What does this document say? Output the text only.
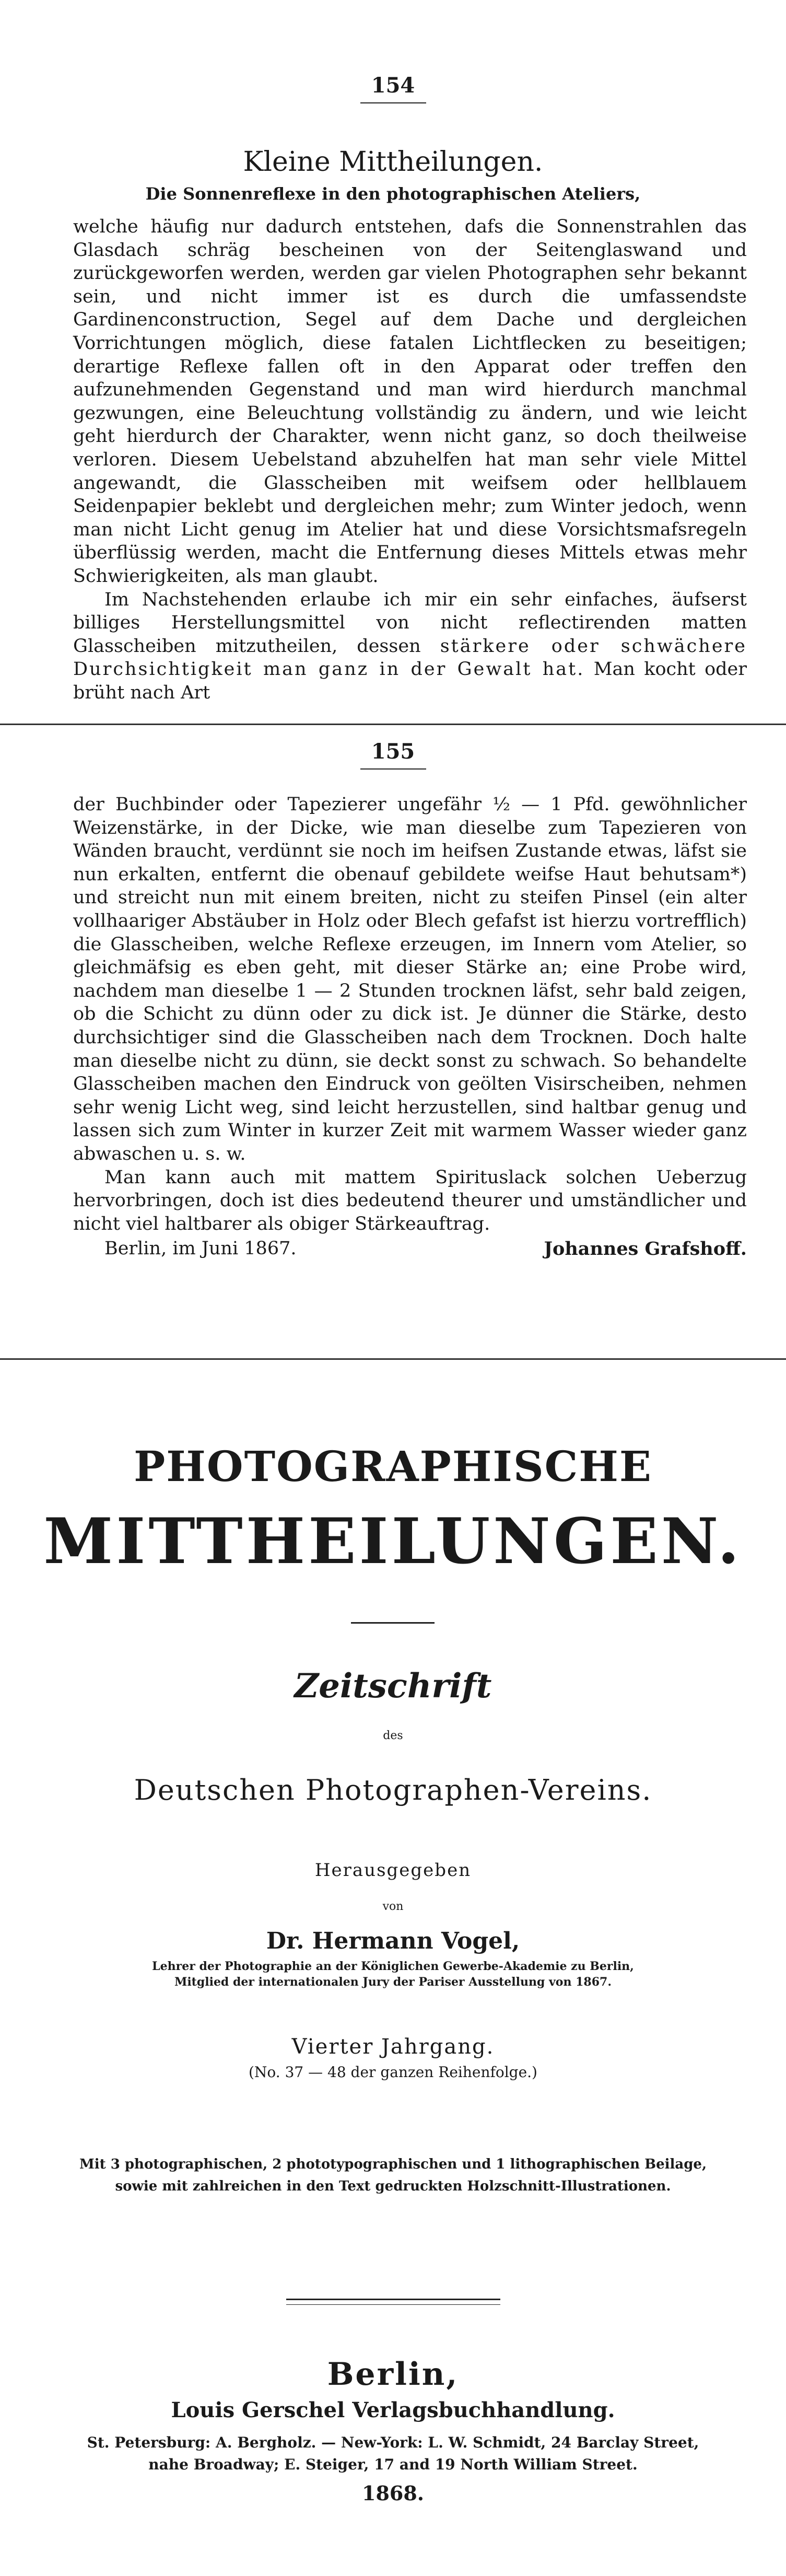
154
Kleine Mittheilungen.
Die Sonnenreflexe in den photographischen Ateliers,

welche häufig nur dadurch entstehen, dafs die Sonnenstrahlen das Glasdach schräg bescheinen von der Seitenglaswand und zurückgeworfen werden, werden gar vielen Photographen sehr bekannt sein, und nicht immer ist es durch die umfassendste Gardinenconstruction, Segel auf dem Dache und dergleichen Vorrichtungen möglich, diese fatalen Lichtflecken zu beseitigen; derartige Reflexe fallen oft in den Apparat oder treffen den aufzunehmenden Gegenstand und man wird hierdurch manchmal gezwungen, eine Beleuchtung vollständig zu ändern, und wie leicht geht hierdurch der Charakter, wenn nicht ganz, so doch theilweise verloren. Diesem Uebelstand abzuhelfen hat man sehr viele Mittel angewandt, die Glasscheiben mit weifsem oder hellblauem Seidenpapier beklebt und dergleichen mehr; zum Winter jedoch, wenn man nicht Licht genug im Atelier hat und diese Vorsichtsmafsregeln überflüssig werden, macht die Entfernung dieses Mittels etwas mehr Schwierigkeiten, als man glaubt.

Im Nachstehenden erlaube ich mir ein sehr einfaches, äufserst billiges Herstellungsmittel von nicht reflectirenden matten Glasscheiben mitzutheilen, dessen stärkere oder schwächere Durchsichtigkeit man ganz in der Gewalt hat. Man kocht oder brüht nach Art

155

der Buchbinder oder Tapezierer ungefähr ½ — 1 Pfd. gewöhnlicher Weizenstärke, in der Dicke, wie man dieselbe zum Tapezieren von Wänden braucht, verdünnt sie noch im heifsen Zustande etwas, läfst sie nun erkalten, entfernt die obenauf gebildete weifse Haut behutsam*) und streicht nun mit einem breiten, nicht zu steifen Pinsel (ein alter vollhaariger Abstäuber in Holz oder Blech gefafst ist hierzu vortrefflich) die Glasscheiben, welche Reflexe erzeugen, im Innern vom Atelier, so gleichmäfsig es eben geht, mit dieser Stärke an; eine Probe wird, nachdem man dieselbe 1 — 2 Stunden trocknen läfst, sehr bald zeigen, ob die Schicht zu dünn oder zu dick ist. Je dünner die Stärke, desto durchsichtiger sind die Glasscheiben nach dem Trocknen. Doch halte man dieselbe nicht zu dünn, sie deckt sonst zu schwach. So behandelte Glasscheiben machen den Eindruck von geölten Visirscheiben, nehmen sehr wenig Licht weg, sind leicht herzustellen, sind haltbar genug und lassen sich zum Winter in kurzer Zeit mit warmem Wasser wieder ganz abwaschen u. s. w.

Man kann auch mit mattem Spirituslack solchen Ueberzug hervorbringen, doch ist dies bedeutend theurer und umständlicher und nicht viel haltbarer als obiger Stärkeauftrag.

Berlin, im Juni 1867.	Johannes Grafshoff.
PHOTOGRAPHISCHE
MITTHEILUNGEN.
Zeitschrift
des
Deutschen Photographen-Vereins.
Herausgegeben
von
Dr. Hermann Vogel,
Lehrer der Photographie an der Königlichen Gewerbe-Akademie zu Berlin,
Mitglied der internationalen Jury der Pariser Ausstellung von 1867.
Vierter Jahrgang.
(No. 37 — 48 der ganzen Reihenfolge.)
Mit 3 photographischen, 2 phototypographischen und 1 lithographischen Beilage,
sowie mit zahlreichen in den Text gedruckten Holzschnitt-Illustrationen.
Berlin,
Louis Gerschel Verlagsbuchhandlung.
St. Petersburg: A. Bergholz. — New-York: L. W. Schmidt, 24 Barclay Street,
nahe Broadway; E. Steiger, 17 and 19 North William Street.
1868.
